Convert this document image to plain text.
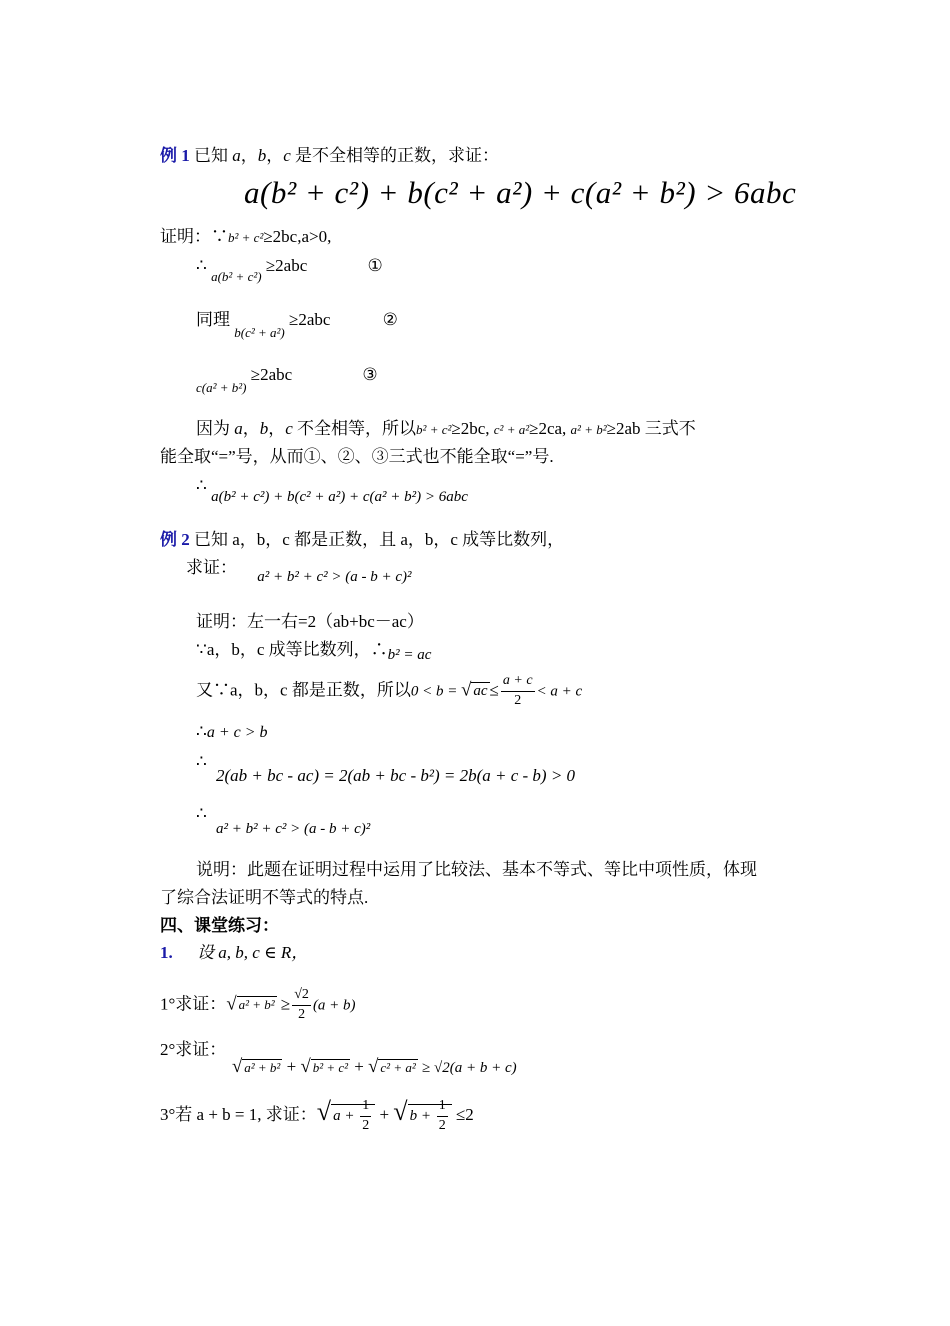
例 1 已知 a，b，c 是不全相等的正数，求证：
a(b² + c²) + b(c² + a²) + c(a² + b²) > 6abc
证明：∵b² + c²≥2bc,a>0,
∴ $_{a(b^2 + c^2)}$ ≥2abc	①
同理 $_{b(c^2 + a^2)}$ ≥2abc	②
$_{c(a^2 + b^2)}$ ≥2abc	③
因为 a，b，c 不全相等，所以b² + c²≥2bc, c² + a²≥2ca, a² + b²≥2ab 三式不
能全取“=”号，从而①、②、③三式也不能全取“=”号.
∴ a(b² + c²) + b(c² + a²) + c(a² + b²) > 6abc
例 2 已知 a，b，c 都是正数，且 a，b，c 成等比数列，
求证： a² + b² + c² > (a - b + c)²
证明：左一右=2（ab+bc－ac）
∵a，b，c 成等比数列，∴b² = ac
又∵a，b，c 都是正数，所以0 < b = √ ac ≤ $\frac{a + c}{2} < a + c$
∴a + c > b
∴
2(ab + bc - ac) = 2(ab + bc - b²) = 2b(a + c - b) > 0
∴
a² + b² + c² > (a - b + c)²
说明：此题在证明过程中运用了比较法、基本不等式、等比中项性质，体现
了综合法证明不等式的特点.
四、课堂练习：
1. 设 a, b, c ∈ R，
1°求证：√ $a^2 + b^2 \ge \frac{√2}{2} (a + b)$
2°求证：
√ a² + b² + √ b² + c² + √ c² + a² ≥ √2(a + b + c)
3°若 a + b = 1, 求证：√ $a + \frac{1}{2}$ + √ $b + \frac{1}{2} \le 2$
